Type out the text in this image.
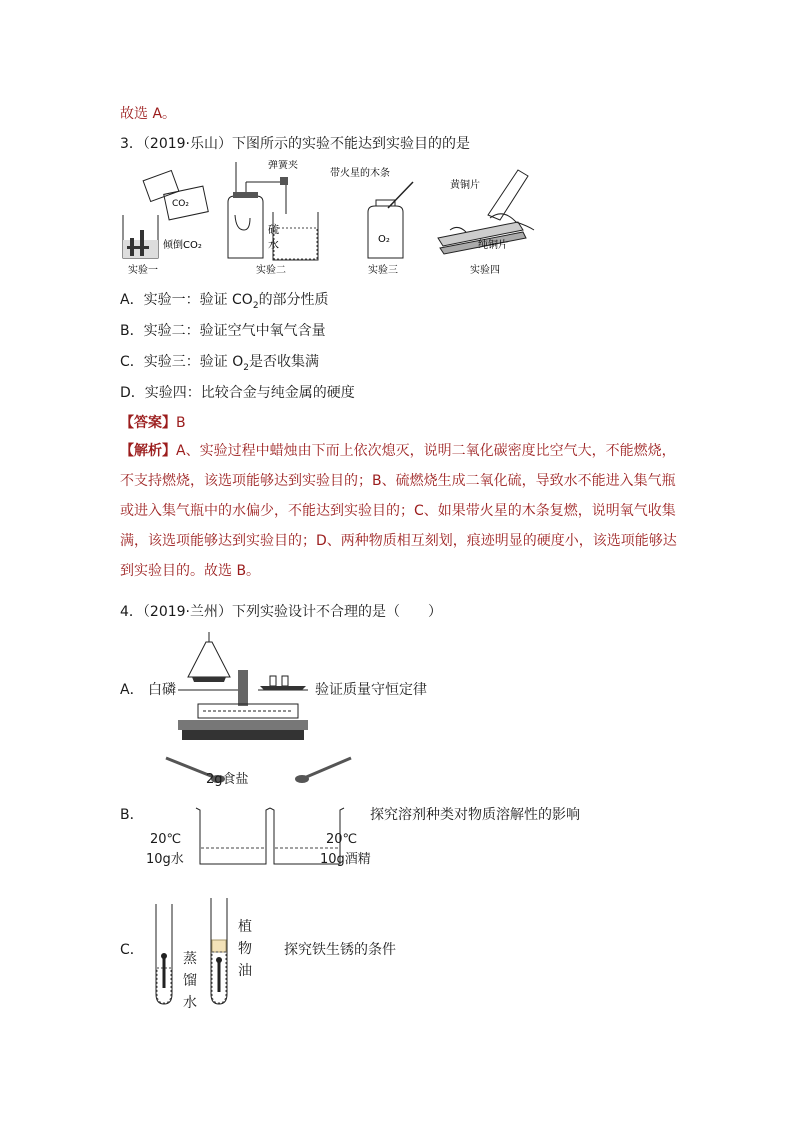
故选 A。
3．（2019·乐山）下图所示的实验不能达到实验目的的是
CO₂
倾倒CO₂
实验一
硫
水
弹簧夹
实验二
O₂
带火星的木条
实验三
黄铜片
纯铜片
实验四
A．实验一：验证 $CO_2$的部分性质
B．实验二：验证空气中氧气含量
C．实验三：验证 $O_2$是否收集满
D．实验四：比较合金与纯金属的硬度
【答案】B
【解析】A、实验过程中蜡烛由下而上依次熄灭，说明二氧化碳密度比空气大，不能燃烧，不支持燃烧，该选项能够达到实验目的；B、硫燃烧生成二氧化硫，导致水不能进入集气瓶或进入集气瓶中的水偏少，不能达到实验目的；C、如果带火星的木条复燃，说明氧气收集满，该选项能够达到实验目的；D、两种物质相互刻划，痕迹明显的硬度小，该选项能够达到实验目的。故选 B。
4．（2019·兰州）下列实验设计不合理的是（　　）
A． 白磷	验证质量守恒定律
B．
2g食盐
20℃
10g水
20℃
10g酒精
探究溶剂种类对物质溶解性的影响
C．
蒸
馏
水
植
物
油
探究铁生锈的条件
